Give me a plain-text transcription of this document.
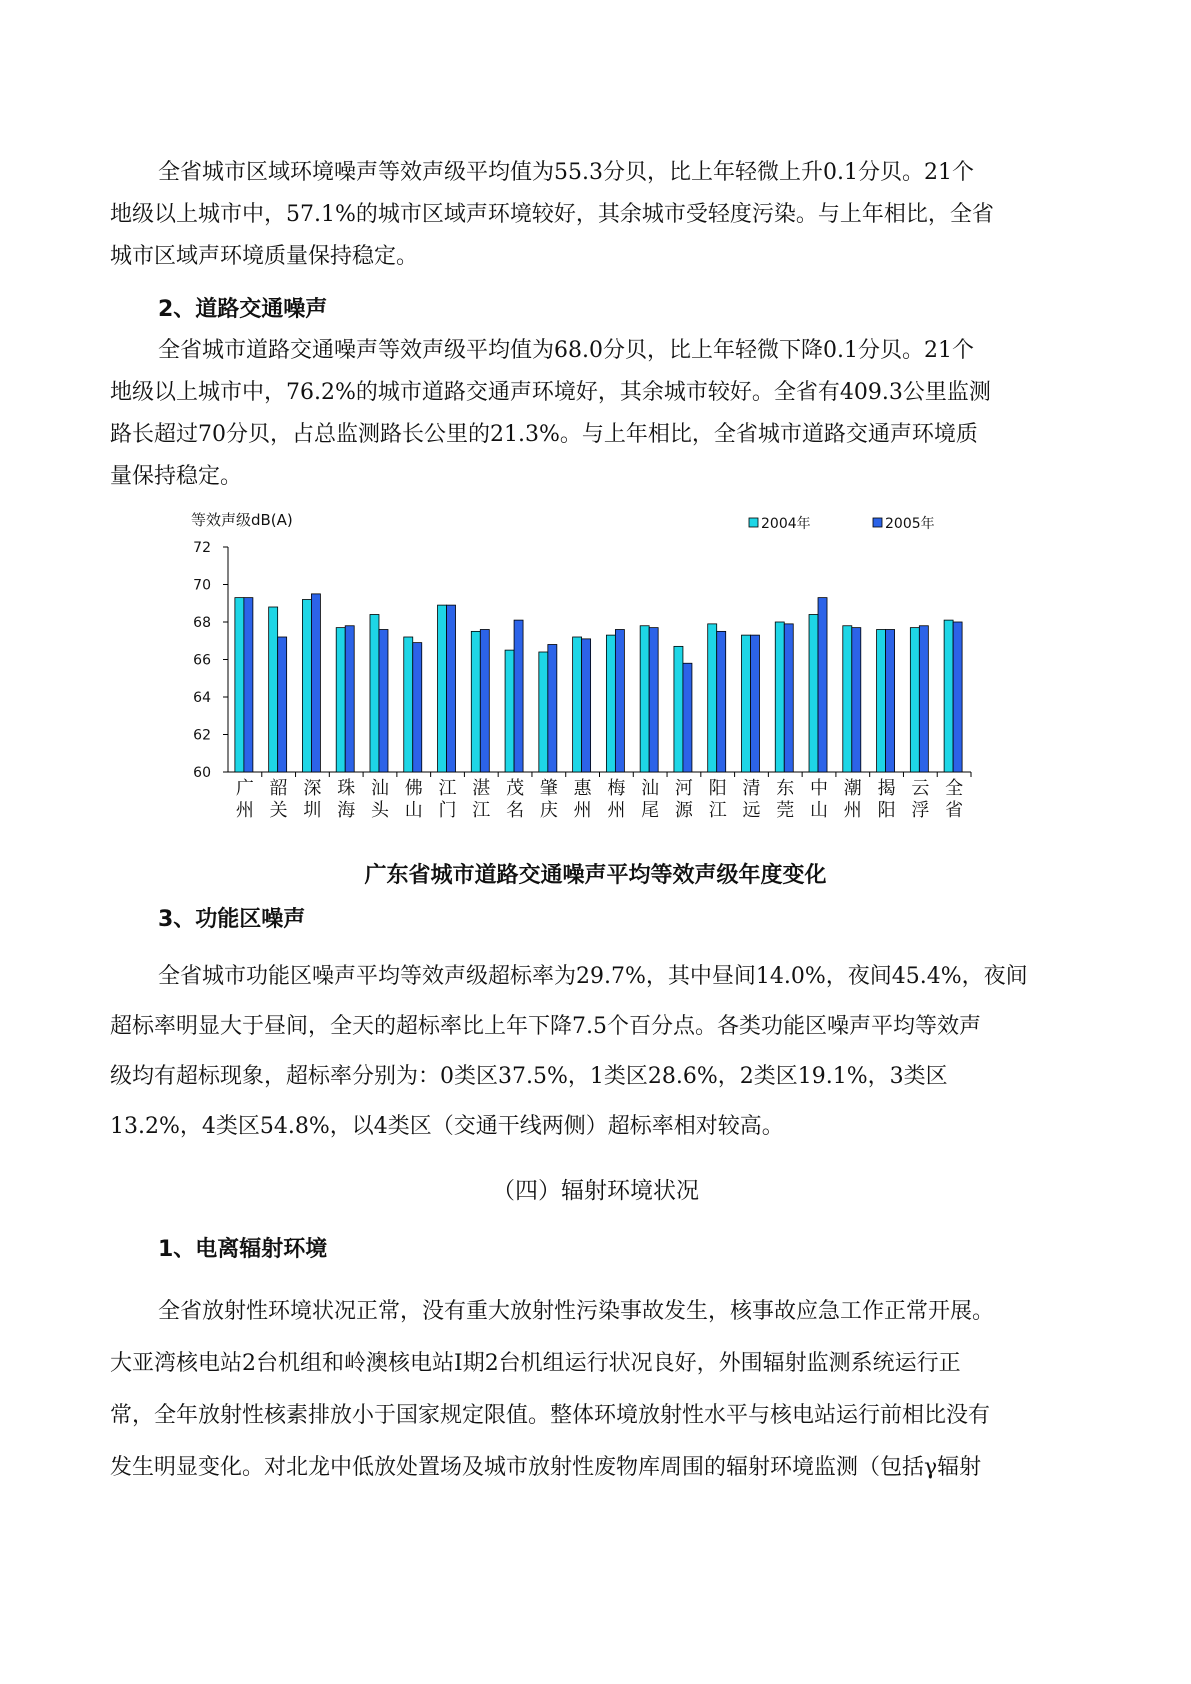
全省城市区域环境噪声等效声级平均值为55.3分贝，比上年轻微上升0.1分贝。21个
地级以上城市中，57.1%的城市区域声环境较好，其余城市受轻度污染。与上年相比，全省
城市区域声环境质量保持稳定。
2、道路交通噪声
全省城市道路交通噪声等效声级平均值为68.0分贝，比上年轻微下降0.1分贝。21个
地级以上城市中，76.2%的城市道路交通声环境好，其余城市较好。全省有409.3公里监测
路长超过70分贝，占总监测路长公里的21.3%。与上年相比，全省城市道路交通声环境质
量保持稳定。
等效声级dB(A)
60
62
64
66
68
70
72
广
州
韶
关
深
圳
珠
海
汕
头
佛
山
江
门
湛
江
茂
名
肇
庆
惠
州
梅
州
汕
尾
河
源
阳
江
清
远
东
莞
中
山
潮
州
揭
阳
云
浮
全
省
2004年	2005年
广东省城市道路交通噪声平均等效声级年度变化
3、功能区噪声
全省城市功能区噪声平均等效声级超标率为29.7%，其中昼间14.0%，夜间45.4%，夜间
超标率明显大于昼间，全天的超标率比上年下降7.5个百分点。各类功能区噪声平均等效声
级均有超标现象，超标率分别为：0类区37.5%，1类区28.6%，2类区19.1%，3类区
13.2%，4类区54.8%，以4类区（交通干线两侧）超标率相对较高。
（四）辐射环境状况
1、电离辐射环境
全省放射性环境状况正常，没有重大放射性污染事故发生，核事故应急工作正常开展。
大亚湾核电站2台机组和岭澳核电站Ⅰ期2台机组运行状况良好，外围辐射监测系统运行正
常，全年放射性核素排放小于国家规定限值。整体环境放射性水平与核电站运行前相比没有
发生明显变化。对北龙中低放处置场及城市放射性废物库周围的辐射环境监测（包括γ辐射
